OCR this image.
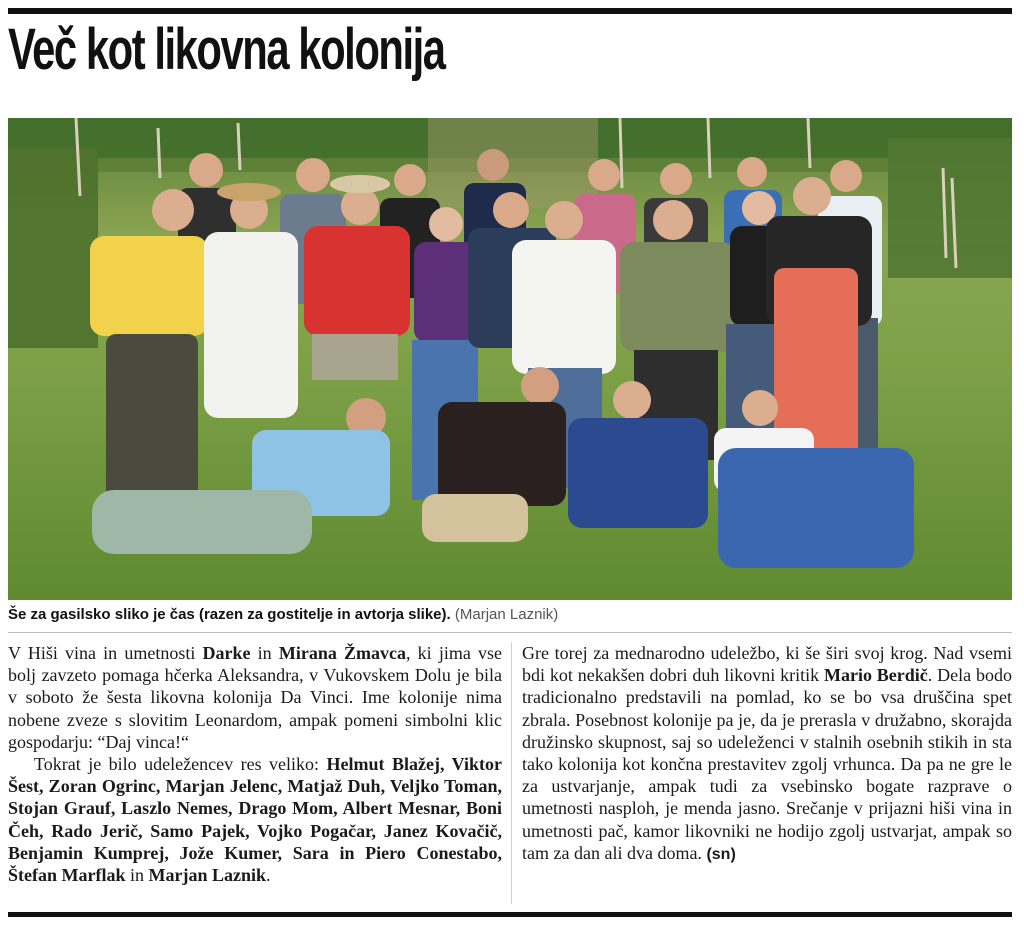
Več kot likovna kolonija

Še za gasilsko sliko je čas (razen za gostitelje in avtorja slike). (Marjan Laznik)

V Hiši vina in umetnosti Darke in Mirana Žmavca, ki jima vse bolj zavzeto pomaga hčerka Aleksandra, v Vukovskem Dolu je bila v soboto že šesta likovna kolonija Da Vinci. Ime kolonije nima nobene zveze s slovitim Leonardom, ampak pomeni simbolni klic gospodarju: “Daj vinca!“

Tokrat je bilo udeležencev res veliko: Helmut Blažej, Viktor Šest, Zoran Ogrinc, Marjan Jelenc, Matjaž Duh, Veljko Toman, Stojan Grauf, Laszlo Nemes, Drago Mom, Albert Mesnar, Boni Čeh, Rado Jerič, Samo Pajek, Vojko Pogačar, Janez Kovačič, Benjamin Kumprej, Jože Kumer, Sara in Piero Conestabo, Štefan Marflak in Marjan Laznik.

Gre torej za mednarodno udeležbo, ki še širi svoj krog. Nad vsemi bdi kot nekakšen dobri duh likovni kritik Mario Berdič. Dela bodo tradicionalno predstavili na pomlad, ko se bo vsa druščina spet zbrala. Posebnost kolonije pa je, da je prerasla v družabno, skorajda družinsko skupnost, saj so udeleženci v stalnih osebnih stikih in sta tako kolonija kot končna prestavitev zgolj vrhunca. Da pa ne gre le za ustvarjanje, ampak tudi za vsebinsko bogate razprave o umetnosti nasploh, je menda jasno. Srečanje v prijazni hiši vina in umetnosti pač, kamor likovniki ne hodijo zgolj ustvarjat, ampak so tam za dan ali dva doma. (sn)
